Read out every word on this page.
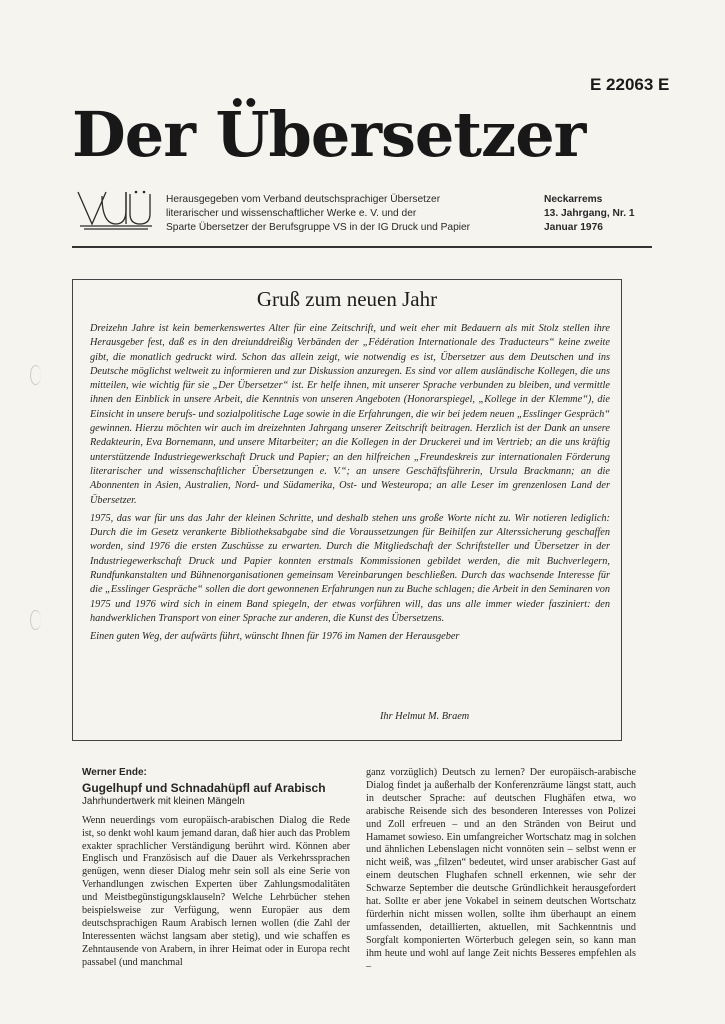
E 22063 E
Der Übersetzer
Herausgegeben vom Verband deutschsprachiger Übersetzer
literarischer und wissenschaftlicher Werke e. V. und der
Sparte Übersetzer der Berufsgruppe VS in der IG Druck und Papier
Neckarrems
13. Jahrgang, Nr. 1
Januar 1976
Gruß zum neuen Jahr

Dreizehn Jahre ist kein bemerkenswertes Alter für eine Zeitschrift, und weit eher mit Bedauern als mit Stolz stellen ihre Herausgeber fest, daß es in den dreiunddreißig Verbänden der „Fédération Internationale des Traducteurs“ keine zweite gibt, die monatlich gedruckt wird. Schon das allein zeigt, wie notwendig es ist, Übersetzer aus dem Deutschen und ins Deutsche möglichst weltweit zu informieren und zur Diskussion anzuregen. Es sind vor allem ausländische Kollegen, die uns mitteilen, wie wichtig für sie „Der Übersetzer“ ist. Er helfe ihnen, mit unserer Sprache verbunden zu bleiben, und vermittle ihnen den Einblick in unsere Arbeit, die Kenntnis von unseren Angeboten (Honorarspiegel, „Kollege in der Klemme“), die Einsicht in unsere berufs- und sozialpolitische Lage sowie in die Erfahrungen, die wir bei jedem neuen „Esslinger Gespräch“ gewinnen. Hierzu möchten wir auch im dreizehnten Jahrgang unserer Zeitschrift beitragen. Herzlich ist der Dank an unsere Redakteurin, Eva Bornemann, und unsere Mitarbeiter; an die Kollegen in der Druckerei und im Vertrieb; an die uns kräftig unterstützende Industriegewerkschaft Druck und Papier; an den hilfreichen „Freundeskreis zur internationalen Förderung literarischer und wissenschaftlicher Übersetzungen e. V.“; an unsere Geschäftsführerin, Ursula Brackmann; an die Abonnenten in Asien, Australien, Nord- und Südamerika, Ost- und Westeuropa; an alle Leser im grenzenlosen Land der Übersetzer.

1975, das war für uns das Jahr der kleinen Schritte, und deshalb stehen uns große Worte nicht zu. Wir notieren lediglich: Durch die im Gesetz verankerte Bibliotheksabgabe sind die Voraussetzungen für Beihilfen zur Alterssicherung geschaffen worden, sind 1976 die ersten Zuschüsse zu erwarten. Durch die Mitgliedschaft der Schriftsteller und Übersetzer in der Industriegewerkschaft Druck und Papier konnten erstmals Kommissionen gebildet werden, die mit Buchverlegern, Rundfunkanstalten und Bühnenorganisationen gemeinsam Vereinbarungen beschließen. Durch das wachsende Interesse für die „Esslinger Gespräche“ sollen die dort gewonnenen Erfahrungen nun zu Buche schlagen; die Arbeit in den Seminaren von 1975 und 1976 wird sich in einem Band spiegeln, der etwas vorführen will, das uns alle immer wieder fasziniert: den handwerklichen Transport von einer Sprache zur anderen, die Kunst des Übersetzens.

Einen guten Weg, der aufwärts führt, wünscht Ihnen für 1976 im Namen der Herausgeber

Ihr Helmut M. Braem
Werner Ende:
Gugelhupf und Schnadahüpfl auf Arabisch
Jahrhundertwerk mit kleinen Mängeln

Wenn neuerdings vom europäisch-arabischen Dialog die Rede ist, so denkt wohl kaum jemand daran, daß hier auch das Problem exakter sprachlicher Verständigung berührt wird. Können aber Englisch und Französisch auf die Dauer als Verkehrssprachen genügen, wenn dieser Dialog mehr sein soll als eine Serie von Verhandlungen zwischen Experten über Zahlungsmodalitäten und Meistbegünstigungsklauseln? Welche Lehrbücher stehen beispielsweise zur Verfügung, wenn Europäer aus dem deutschsprachigen Raum Arabisch lernen wollen (die Zahl der Interessenten wächst langsam aber stetig), und wie schaffen es Zehntausende von Arabern, in ihrer Heimat oder in Europa recht passabel (und manchmal

ganz vorzüglich) Deutsch zu lernen? Der europäisch-arabische Dialog findet ja außerhalb der Konferenzräume längst statt, auch in deutscher Sprache: auf deutschen Flughäfen etwa, wo arabische Reisende sich des besonderen Interesses von Polizei und Zoll erfreuen – und an den Stränden von Beirut und Hamamet sowieso. Ein umfangreicher Wortschatz mag in solchen und ähnlichen Lebenslagen nicht vonnöten sein – selbst wenn er nicht weiß, was „filzen“ bedeutet, wird unser arabischer Gast auf einem deutschen Flughafen schnell erkennen, wie sehr der Schwarze September die deutsche Gründlichkeit herausgefordert hat. Sollte er aber jene Vokabel in seinem deutschen Wortschatz fürderhin nicht missen wollen, sollte ihm überhaupt an einem umfassenden, detaillierten, aktuellen, mit Sachkenntnis und Sorgfalt komponierten Wörterbuch gelegen sein, so kann man ihm heute und wohl auf lange Zeit nichts Besseres empfehlen als –
